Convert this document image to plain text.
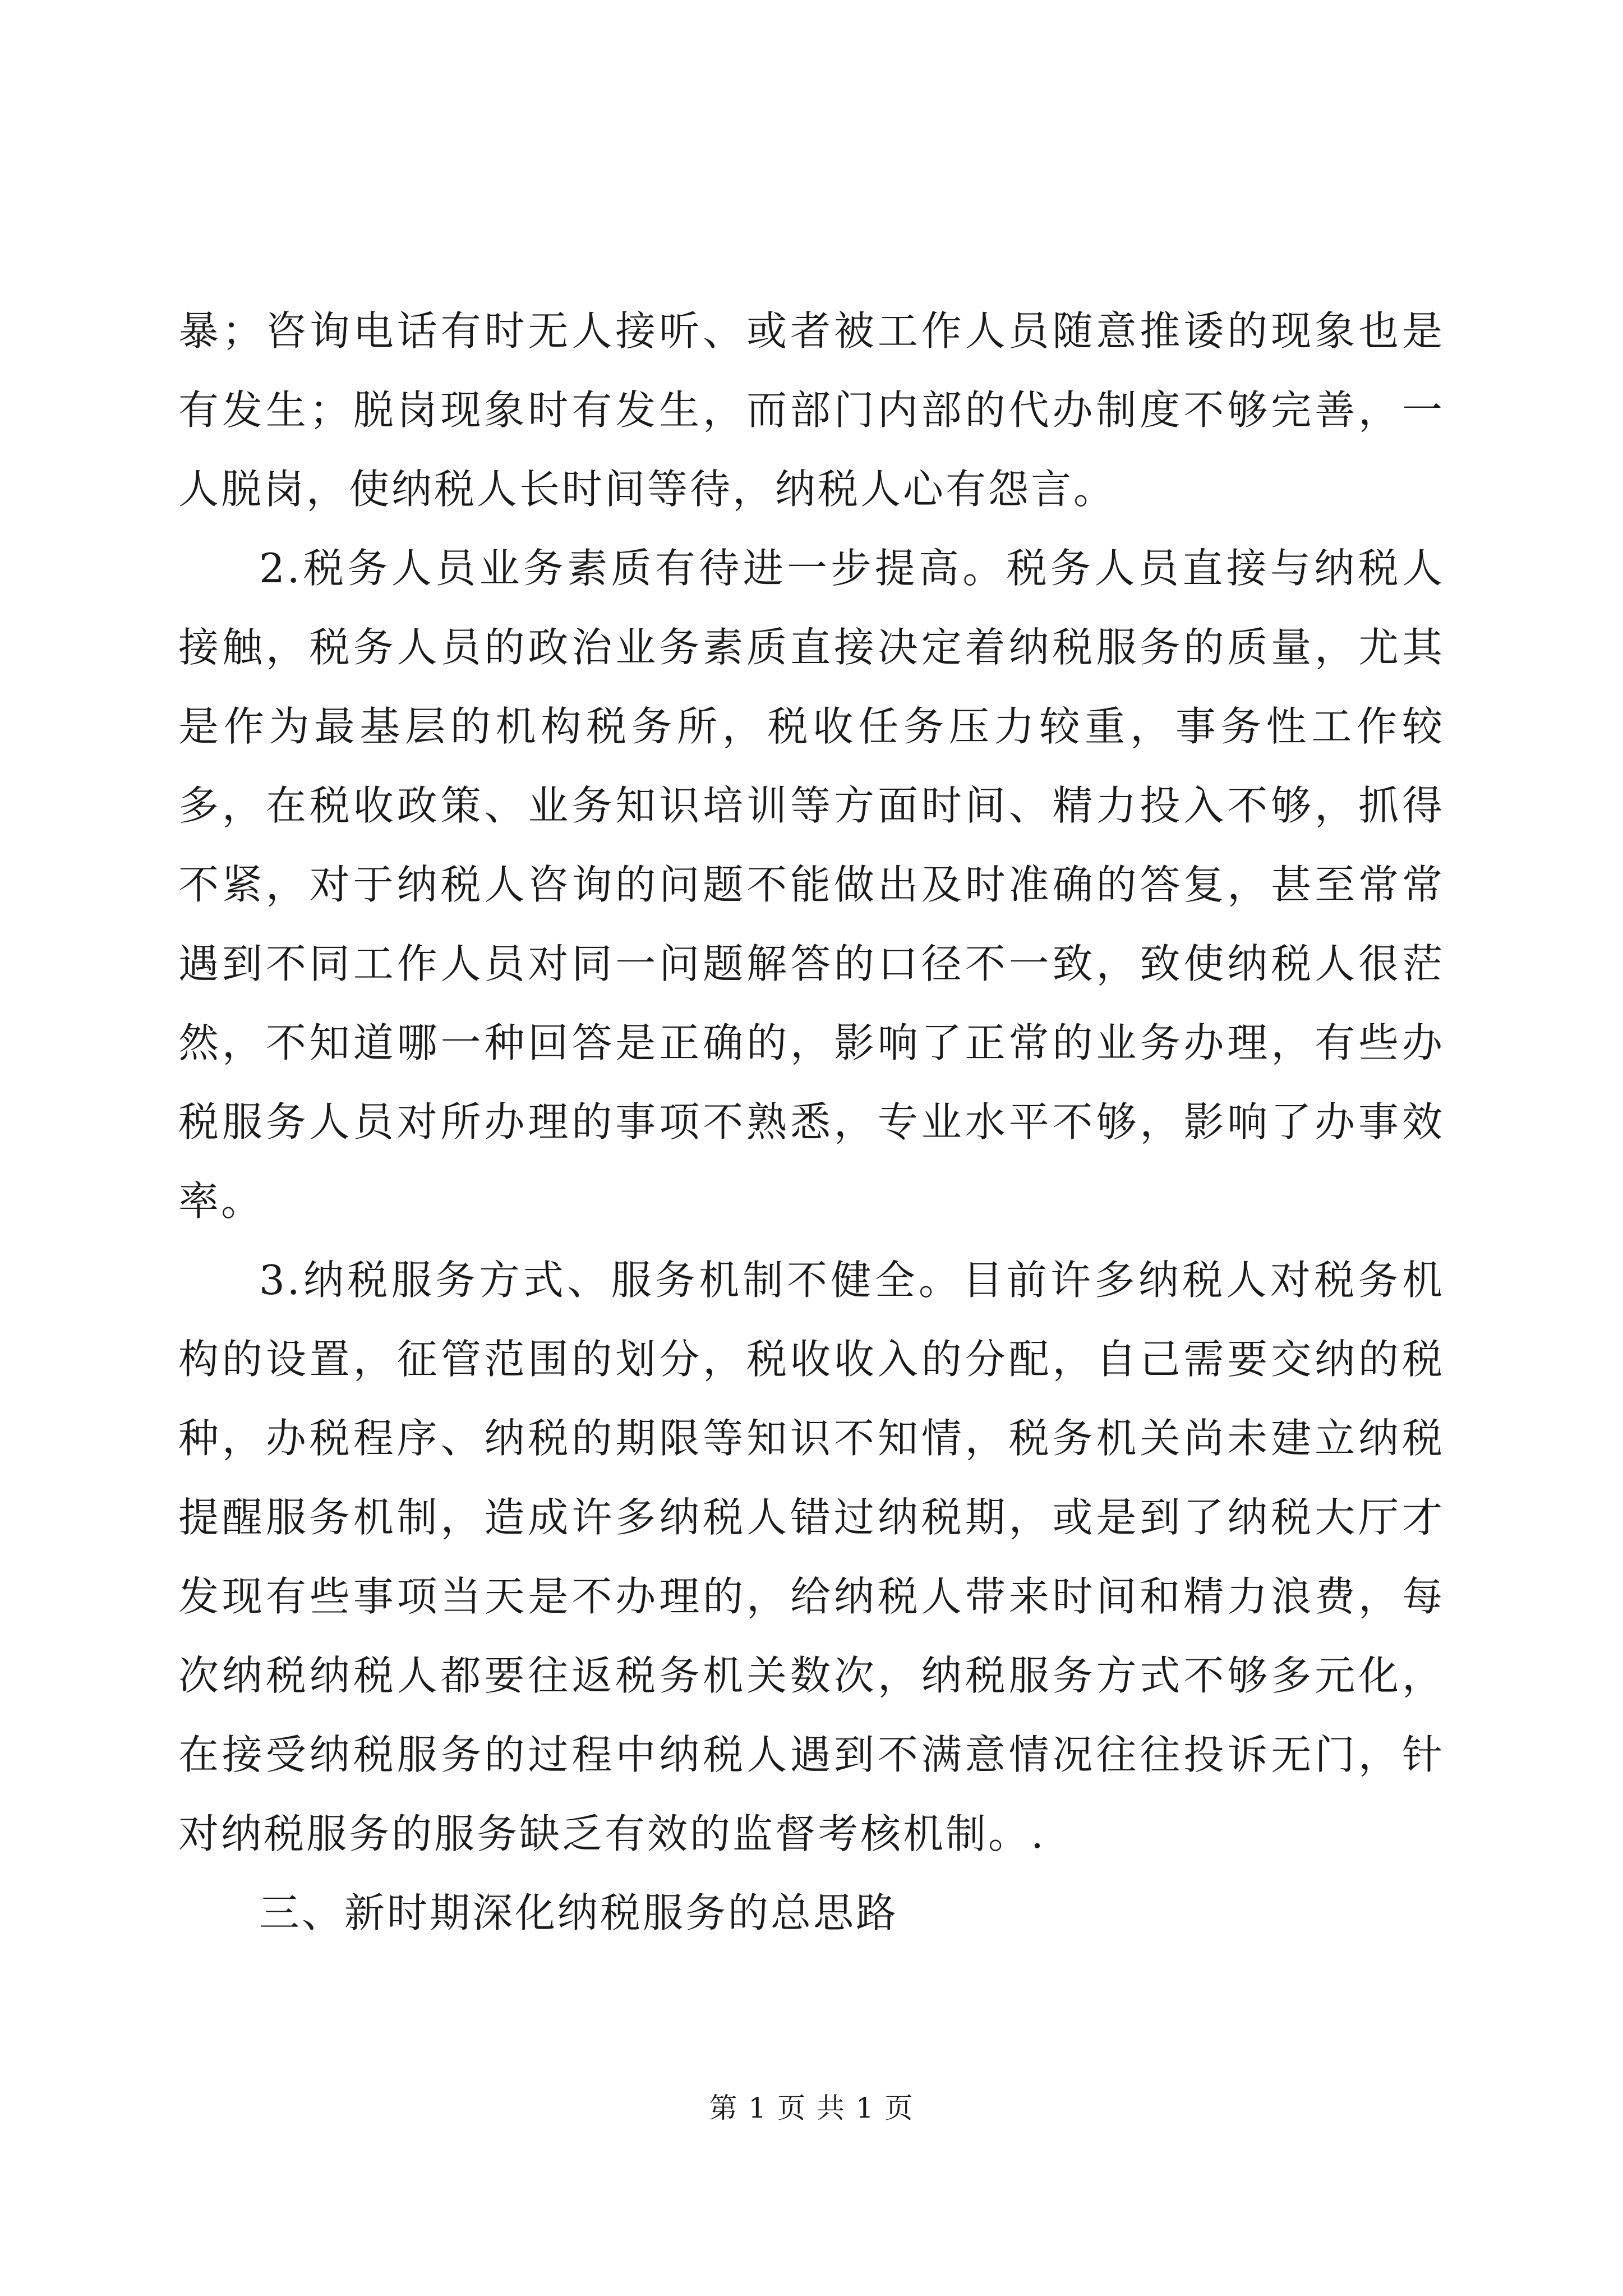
暴；咨询电话有时无人接听、或者被工作人员随意推诿的现象也是有发生；脱岗现象时有发生，而部门内部的代办制度不够完善，一人脱岗，使纳税人长时间等待，纳税人心有怨言。

2.税务人员业务素质有待进一步提高。税务人员直接与纳税人接触，税务人员的政治业务素质直接决定着纳税服务的质量，尤其是作为最基层的机构税务所，税收任务压力较重，事务性工作较多，在税收政策、业务知识培训等方面时间、精力投入不够，抓得不紧，对于纳税人咨询的问题不能做出及时准确的答复，甚至常常遇到不同工作人员对同一问题解答的口径不一致，致使纳税人很茫然，不知道哪一种回答是正确的，影响了正常的业务办理，有些办税服务人员对所办理的事项不熟悉，专业水平不够，影响了办事效率。

3.纳税服务方式、服务机制不健全。目前许多纳税人对税务机构的设置，征管范围的划分，税收收入的分配，自己需要交纳的税种，办税程序、纳税的期限等知识不知情，税务机关尚未建立纳税提醒服务机制，造成许多纳税人错过纳税期，或是到了纳税大厅才发现有些事项当天是不办理的，给纳税人带来时间和精力浪费，每次纳税纳税人都要往返税务机关数次，纳税服务方式不够多元化，在接受纳税服务的过程中纳税人遇到不满意情况往往投诉无门，针对纳税服务的服务缺乏有效的监督考核机制。.

三、新时期深化纳税服务的总思路

第 1 页 共 1 页
